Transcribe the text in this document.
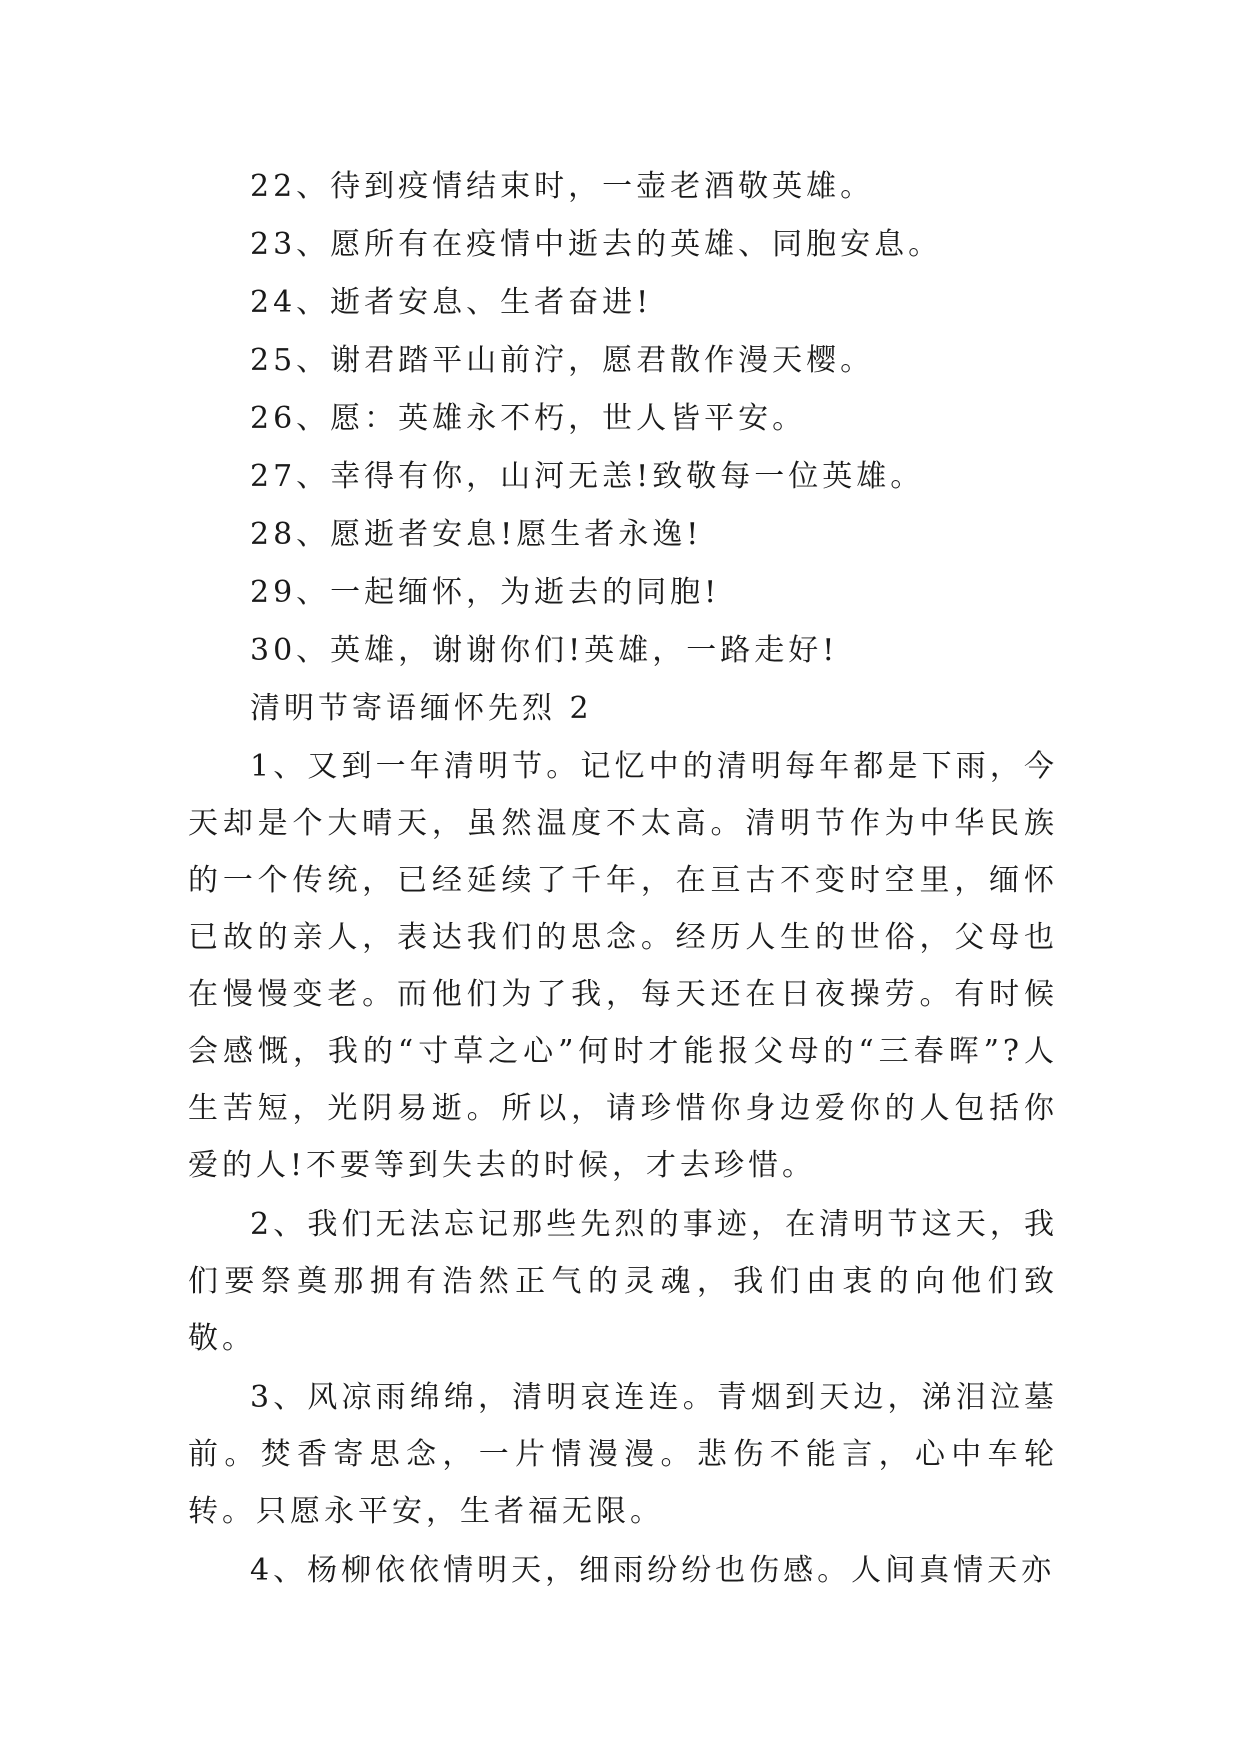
22、待到疫情结束时，一壶老酒敬英雄。
23、愿所有在疫情中逝去的英雄、同胞安息。
24、逝者安息、生者奋进!
25、谢君踏平山前泞，愿君散作漫天樱。
26、愿：英雄永不朽，世人皆平安。
27、幸得有你，山河无恙!致敬每一位英雄。
28、愿逝者安息!愿生者永逸!
29、一起缅怀，为逝去的同胞!
30、英雄，谢谢你们!英雄，一路走好!
清明节寄语缅怀先烈 2

1、又到一年清明节。记忆中的清明每年都是下雨，今天却是个大晴天，虽然温度不太高。清明节作为中华民族的一个传统，已经延续了千年，在亘古不变时空里，缅怀已故的亲人，表达我们的思念。经历人生的世俗，父母也在慢慢变老。而他们为了我，每天还在日夜操劳。有时候会感慨，我的“寸草之心”何时才能报父母的“三春晖”?人生苦短，光阴易逝。所以，请珍惜你身边爱你的人包括你爱的人!不要等到失去的时候，才去珍惜。

2、我们无法忘记那些先烈的事迹，在清明节这天，我们要祭奠那拥有浩然正气的灵魂，我们由衷的向他们致敬。

3、风凉雨绵绵，清明哀连连。青烟到天边，涕泪泣墓前。焚香寄思念，一片情漫漫。悲伤不能言，心中车轮转。只愿永平安，生者福无限。

4、杨柳依依情明天，细雨纷纷也伤感。人间真情天亦
